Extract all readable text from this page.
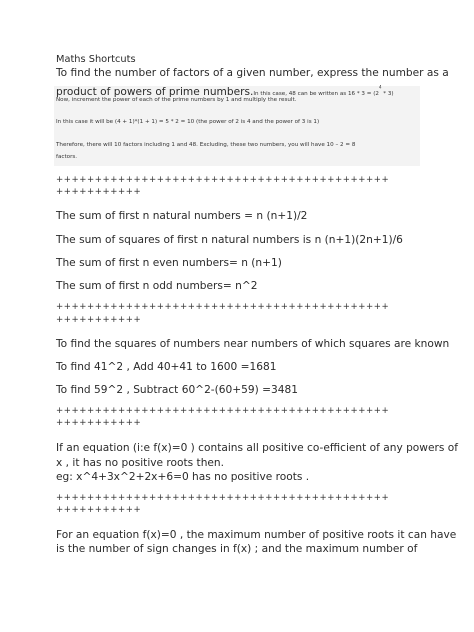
Maths Shortcuts
To find the number of factors of a given number, express the number as a
product of powers of prime numbers.In this case, 48 can be written as $16 * 3 = (2^4 * 3)$
Now, increment the power of each of the prime numbers by 1 and multiply the result.
In this case it will be (4 + 1)*(1 + 1) = 5 * 2 = 10 (the power of 2 is 4 and the power of 3 is 1)
Therefore, there will 10 factors including 1 and 48. Excluding, these two numbers, you will have 10 – 2 = 8
factors.
+++++++++++++++++++++++++++++++++++++++++++
+++++++++++
The sum of first n natural numbers = n (n+1)/2
The sum of squares of first n natural numbers is n (n+1)(2n+1)/6
The sum of first n even numbers= n (n+1)
The sum of first n odd numbers= n^2
+++++++++++++++++++++++++++++++++++++++++++
+++++++++++
To find the squares of numbers near numbers of which squares are known
To find 41^2 , Add 40+41 to 1600 =1681
To find 59^2 , Subtract 60^2-(60+59) =3481
+++++++++++++++++++++++++++++++++++++++++++
+++++++++++
If an equation (i:e f(x)=0 ) contains all positive co-efficient of any powers of
x , it has no positive roots then.
eg: x^4+3x^2+2x+6=0 has no positive roots .
+++++++++++++++++++++++++++++++++++++++++++
+++++++++++
For an equation f(x)=0 , the maximum number of positive roots it can have
is the number of sign changes in f(x) ; and the maximum number of
